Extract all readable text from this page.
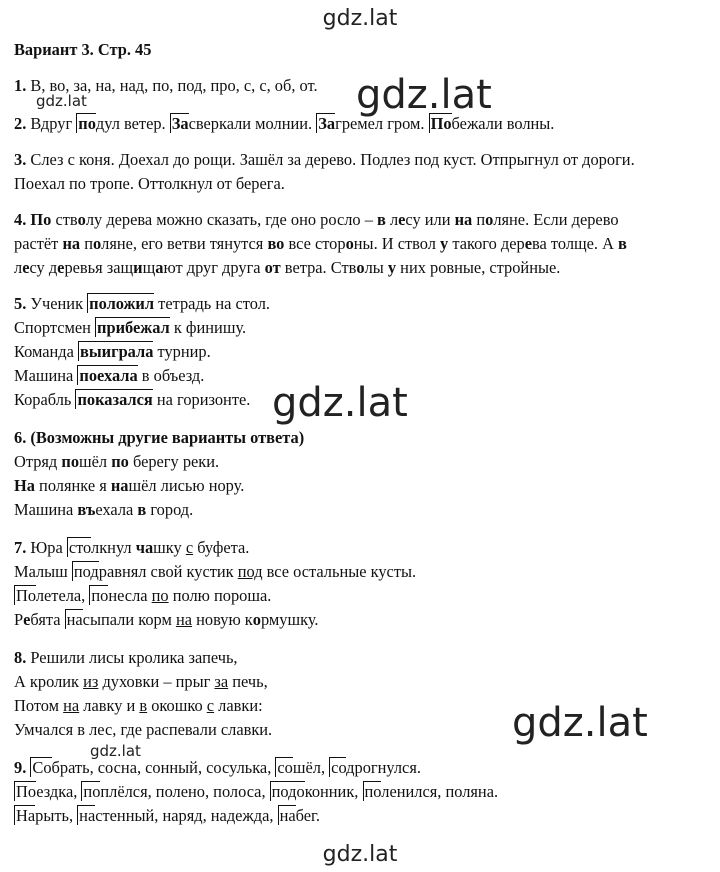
gdz.lat
gdz.lat	gdz.lat
gdz.lat
gdz.lat
gdz.lat
gdz.lat
Вариант 3. Стр. 45
1. В, во, за, на, над, по, под, про, с, с, об, от.
2. Вдруг подул ветер. Засверкали молнии. Загремел гром. Побежали волны.
3. Слез с коня. Доехал до рощи. Зашёл за дерево. Подлез под куст. Отпрыгнул от дороги.
Поехал по тропе. Оттолкнул от берега.
4. По стволу дерева можно сказать, где оно росло – в лесу или на поляне. Если дерево
растёт на поляне, его ветви тянутся во все стороны. И ствол у такого дерева толще. А в
лесу деревья защищают друг друга от ветра. Стволы у них ровные, стройные.
5. Ученик положил тетрадь на стол.
Спортсмен прибежал к финишу.
Команда выиграла турнир.
Машина поехала в объезд.
Корабль показался на горизонте.
6. (Возможны другие варианты ответа)
Отряд пошёл по берегу реки.
На полянке я нашёл лисью нору.
Машина въехала в город.
7. Юра столкнул чашку с буфета.
Малыш подравнял свой кустик под все остальные кусты.
Полетела, понесла по полю пороша.
Ребята насыпали корм на новую кормушку.
8. Решили лисы кролика запечь,
А кролик из духовки – прыг за печь,
Потом на лавку и в окошко с лавки:
Умчался в лес, где распевали славки.
9. Собрать, сосна, сонный, сосулька, сошёл, содрогнулся.
Поездка, поплёлся, полено, полоса, подоконник, поленился, поляна.
Нарыть, настенный, наряд, надежда, набег.
